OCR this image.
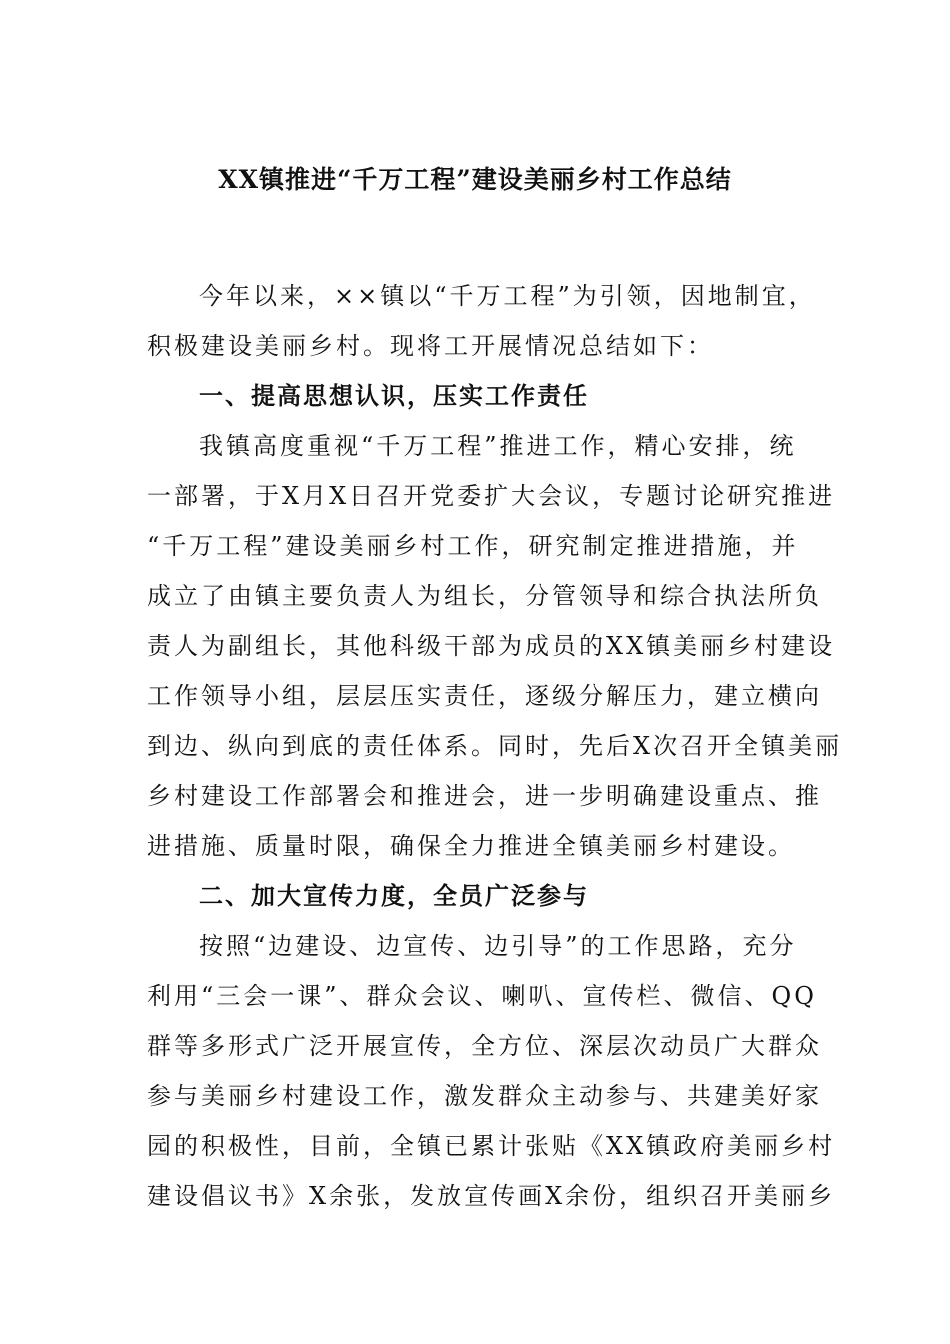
XX镇推进“千万工程”建设美丽乡村工作总结
今年以来，××镇以“千万工程”为引领，因地制宜，
积极建设美丽乡村。现将工开展情况总结如下：
一、提高思想认识，压实工作责任
我镇高度重视“千万工程”推进工作，精心安排，统
一部署，于X月X日召开党委扩大会议，专题讨论研究推进
“千万工程”建设美丽乡村工作，研究制定推进措施，并
成立了由镇主要负责人为组长，分管领导和综合执法所负
责人为副组长，其他科级干部为成员的XX镇美丽乡村建设
工作领导小组，层层压实责任，逐级分解压力，建立横向
到边、纵向到底的责任体系。同时，先后X次召开全镇美丽
乡村建设工作部署会和推进会，进一步明确建设重点、推
进措施、质量时限，确保全力推进全镇美丽乡村建设。
二、加大宣传力度，全员广泛参与
按照“边建设、边宣传、边引导”的工作思路，充分
利用“三会一课”、群众会议、喇叭、宣传栏、微信、QQ
群等多形式广泛开展宣传，全方位、深层次动员广大群众
参与美丽乡村建设工作，激发群众主动参与、共建美好家
园的积极性，目前，全镇已累计张贴《XX镇政府美丽乡村
建设倡议书》X余张，发放宣传画X余份，组织召开美丽乡
